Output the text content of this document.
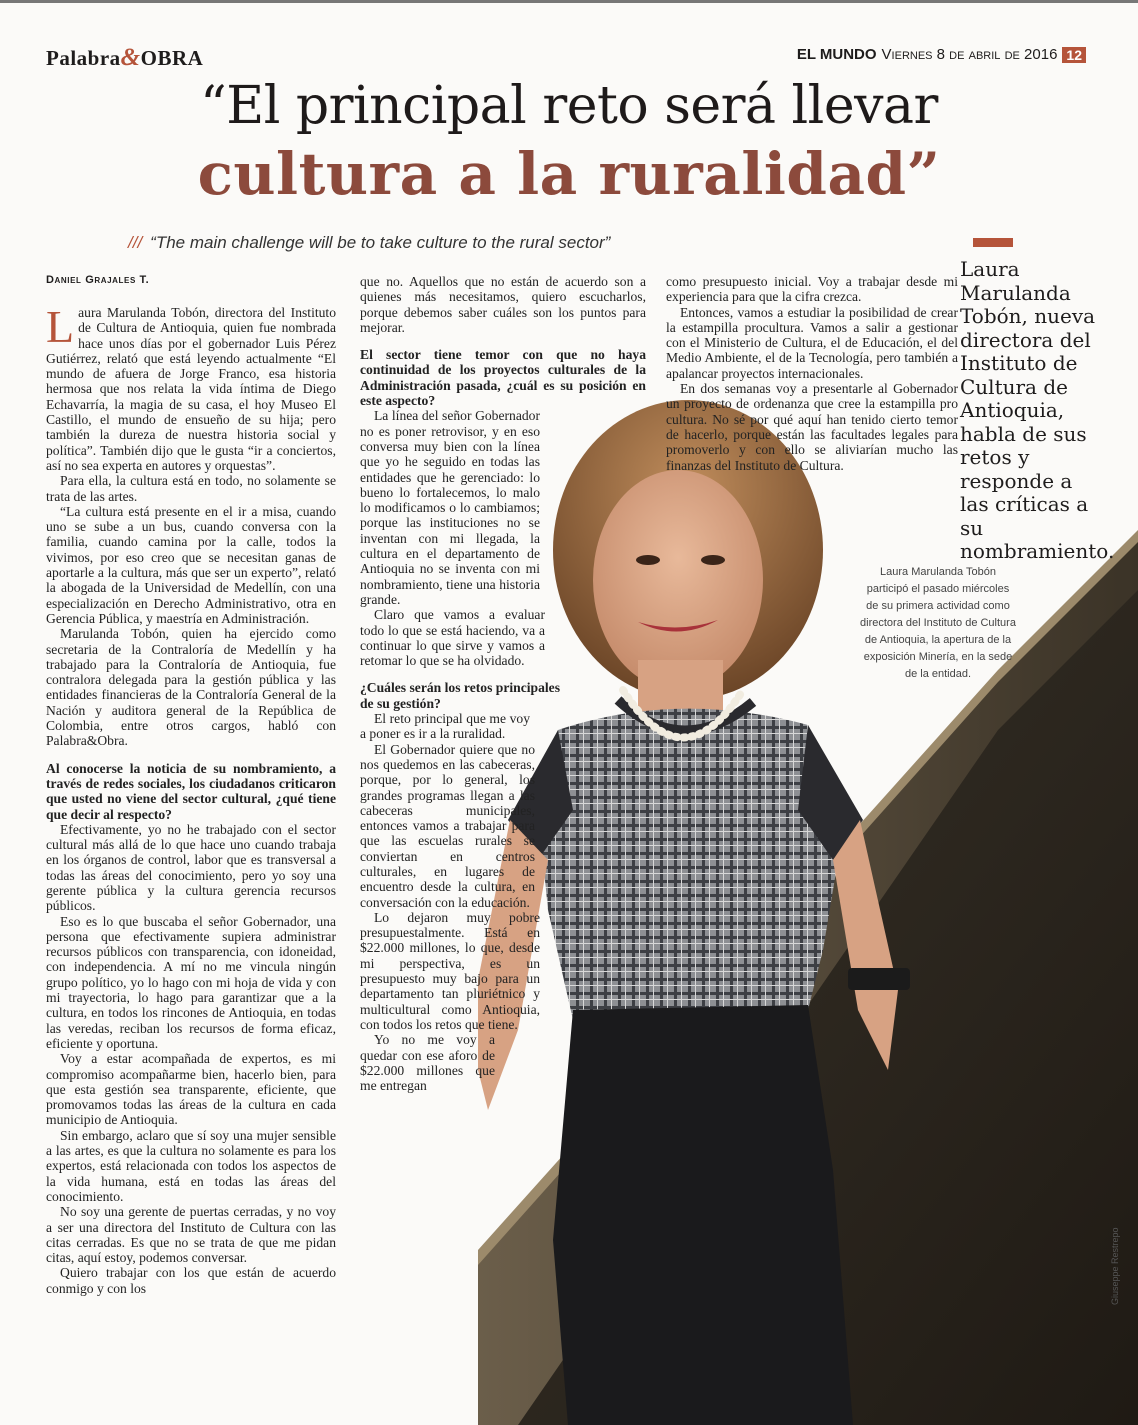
Palabra&OBRA	EL MUNDO Viernes 8 de abril de 2016 12
“El principal reto será llevar
cultura a la ruralidad”
/// “The main challenge will be to take culture to the rural sector”
Daniel Grajales T.

Laura Marulanda Tobón, directora del Instituto de Cultura de Antioquia, quien fue nombrada hace unos días por el gobernador Luis Pérez Gutiérrez, relató que está leyendo actualmente “El mundo de afuera de Jorge Franco, esa historia hermosa que nos relata la vida íntima de Diego Echavarría, la magia de su casa, el hoy Museo El Castillo, el mundo de ensueño de su hija; pero también la dureza de nuestra historia social y política”. También dijo que le gusta “ir a conciertos, así no sea experta en autores y orquestas”.

Para ella, la cultura está en todo, no solamente se trata de las artes.

“La cultura está presente en el ir a misa, cuando uno se sube a un bus, cuando conversa con la familia, cuando camina por la calle, todos la vivimos, por eso creo que se necesitan ganas de aportarle a la cultura, más que ser un experto”, relató la abogada de la Universidad de Medellín, con una especialización en Derecho Administrativo, otra en Gerencia Pública, y maestría en Administración.

Marulanda Tobón, quien ha ejercido como secretaria de la Contraloría de Medellín y ha trabajado para la Contraloría de Antioquia, fue contralora delegada para la gestión pública y las entidades financieras de la Contraloría General de la Nación y auditora general de la República de Colombia, entre otros cargos, habló con Palabra&Obra.

Al conocerse la noticia de su nombramiento, a través de redes sociales, los ciudadanos criticaron que usted no viene del sector cultural, ¿qué tiene que decir al respecto?

Efectivamente, yo no he trabajado con el sector cultural más allá de lo que hace uno cuando trabaja en los órganos de control, labor que es transversal a todas las áreas del conocimiento, pero yo soy una gerente pública y la cultura gerencia recursos públicos.

Eso es lo que buscaba el señor Gobernador, una persona que efectivamente supiera administrar recursos públicos con transparencia, con idoneidad, con independencia. A mí no me vincula ningún grupo político, yo lo hago con mi hoja de vida y con mi trayectoria, lo hago para garantizar que a la cultura, en todos los rincones de Antioquia, en todas las veredas, reciban los recursos de forma eficaz, eficiente y oportuna.

Voy a estar acompañada de expertos, es mi compromiso acompañarme bien, hacerlo bien, para que esta gestión sea transparente, eficiente, que promovamos todas las áreas de la cultura en cada municipio de Antioquia.

Sin embargo, aclaro que sí soy una mujer sensible a las artes, es que la cultura no solamente es para los expertos, está relacionada con todos los aspectos de la vida humana, está en todas las áreas del conocimiento.

No soy una gerente de puertas cerradas, y no voy a ser una directora del Instituto de Cultura con las citas cerradas. Es que no se trata de que me pidan citas, aquí estoy, podemos conversar.

Quiero trabajar con los que están de acuerdo conmigo y con los

que no. Aquellos que no están de acuerdo son a quienes más necesitamos, quiero escucharlos, porque debemos saber cuáles son los puntos para mejorar.

El sector tiene temor con que no haya continuidad de los proyectos culturales de la Administración pasada, ¿cuál es su posición en este aspecto?

La línea del señor Gobernador no es poner retrovisor, y en eso conversa muy bien con la línea que yo he seguido en todas las entidades que he gerenciado: lo bueno lo fortalecemos, lo malo lo modificamos o lo cambiamos; porque las instituciones no se inventan con mi llegada, la cultura en el departamento de Antioquia no se inventa con mi nombramiento, tiene una historia grande.

Claro que vamos a evaluar todo lo que se está haciendo, va a continuar lo que sirve y vamos a retomar lo que se ha olvidado.

¿Cuáles serán los retos principales de su gestión?

El reto principal que me voy a poner es ir a la ruralidad.

El Gobernador quiere que no nos quedemos en las cabeceras, porque, por lo general, los grandes programas llegan a las cabeceras municipales, entonces vamos a trabajar para que las escuelas rurales se conviertan en centros culturales, en lugares de encuentro desde la cultura, en conversación con la educación.

Lo dejaron muy pobre presupuestalmente. Está en $22.000 millones, lo que, desde mi perspectiva, es un presupuesto muy bajo para un departamento tan pluriétnico y multicultural como Antioquia, con todos los retos que tiene.

Yo no me voy a quedar con ese aforo de $22.000 millones que me entregan

como presupuesto inicial. Voy a trabajar desde mi experiencia para que la cifra crezca.

Entonces, vamos a estudiar la posibilidad de crear la estampilla procultura. Vamos a salir a gestionar con el Ministerio de Cultura, el de Educación, el del Medio Ambiente, el de la Tecnología, pero también a apalancar proyectos internacionales.

En dos semanas voy a presentarle al Gobernador un proyecto de ordenanza que cree la estampilla pro cultura. No sé por qué aquí han tenido cierto temor de hacerlo, porque están las facultades legales para promoverlo y con ello se aliviarían mucho las finanzas del Instituto de Cultura.

Laura Marulanda Tobón, nueva directora del Instituto de Cultura de Antioquia, habla de sus retos y responde a las críticas a su nombramiento.
Laura Marulanda Tobón participó el pasado miércoles de su primera actividad como directora del Instituto de Cultura de Antioquia, la apertura de la exposición Minería, en la sede de la entidad.
Giuseppe Restrepo
